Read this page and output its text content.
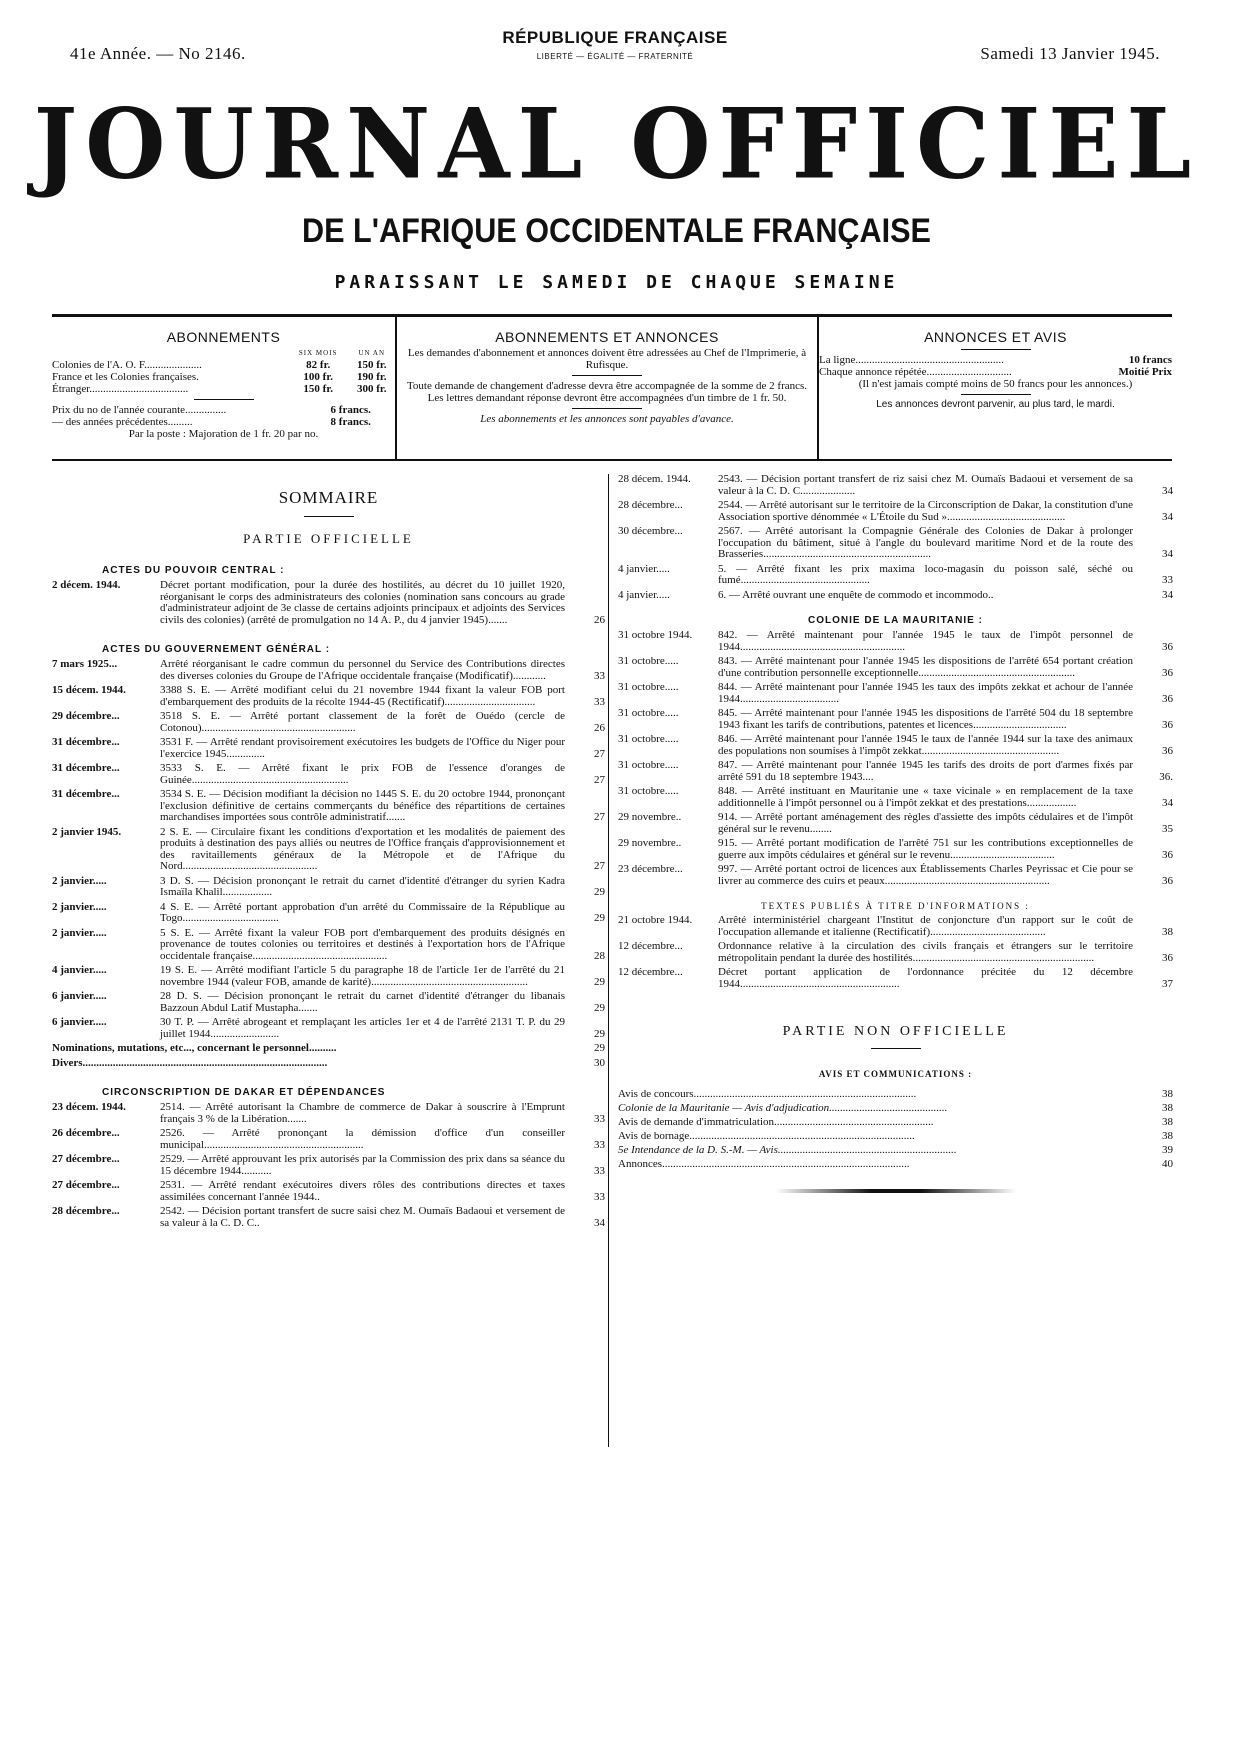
41e Année. — No 2146.
RÉPUBLIQUE FRANÇAISE
LIBERTÉ — ÉGALITÉ — FRATERNITÉ	Samedi 13 Janvier 1945.
JOURNAL OFFICIEL
DE L'AFRIQUE OCCIDENTALE FRANÇAISE
PARAISSANT LE SAMEDI DE CHAQUE SEMAINE
ABONNEMENTS
	SIX MOIS	UN AN
Colonies de l'A. O. F.....................	82 fr.	150 fr.
France et les Colonies françaises.	100 fr.	190 fr.
Étranger....................................	150 fr.	300 fr.
Prix du no de l'année courante...............	6 francs.
— des années précédentes.........	8 francs.
Par la poste : Majoration de 1 fr. 20 par no.
ABONNEMENTS ET ANNONCES
Les demandes d'abonnement et annonces doivent être adressées au Chef de l'Imprimerie, à Rufisque.
Toute demande de changement d'adresse devra être accompagnée de la somme de 2 francs. Les lettres demandant réponse devront être accompagnées d'un timbre de 1 fr. 50.
Les abonnements et les annonces sont payables d'avance.
ANNONCES ET AVIS
La ligne......................................................	10 francs
Chaque annonce répétée...............................	Moitié Prix
(Il n'est jamais compté moins de 50 francs pour les annonces.)
Les annonces devront parvenir, au plus tard, le mardi.
SOMMAIRE
PARTIE OFFICIELLE
ACTES DU POUVOIR CENTRAL :
2 décem. 1944.	Décret portant modification, pour la durée des hostilités, au décret du 10 juillet 1920, réorganisant le corps des administrateurs des colonies (nomination sans concours au grade d'administrateur adjoint de 3e classe de certains adjoints principaux et adjoints des Services civils des colonies) (arrêté de promulgation no 14 A. P., du 4 janvier 1945).......	26
ACTES DU GOUVERNEMENT GÉNÉRAL :
7 mars 1925...	Arrêté réorganisant le cadre commun du personnel du Service des Contributions directes des diverses colonies du Groupe de l'Afrique occidentale française (Modificatif)............	33
15 décem. 1944.	3388 S. E. — Arrêté modifiant celui du 21 novembre 1944 fixant la valeur FOB port d'embarquement des produits de la récolte 1944-45 (Rectificatif).................................	33
29 décembre...	3518 S. E. — Arrêté portant classement de la forêt de Ouédo (cercle de Cotonou)........................................................	26
31 décembre...	3531 F. — Arrêté rendant provisoirement exécutoires les budgets de l'Office du Niger pour l'exercice 1945..............	27
31 décembre...	3533 S. E. — Arrêté fixant le prix FOB de l'essence d'oranges de Guinée.........................................................	27
31 décembre...	3534 S. E. — Décision modifiant la décision no 1445 S. E. du 20 octobre 1944, prononçant l'exclusion définitive de certains commerçants du bénéfice des répartitions de certaines marchandises importées sous contrôle administratif.......	27
2 janvier 1945.	2 S. E. — Circulaire fixant les conditions d'exportation et les modalités de paiement des produits à destination des pays alliés ou neutres de l'Office français d'approvisionnement et des ravitaillements généraux de la Métropole et de l'Afrique du Nord.................................................	27
2 janvier.....	3 D. S. — Décision prononçant le retrait du carnet d'identité d'étranger du syrien Kadra Ismaïla Khalil..................	29
2 janvier.....	4 S. E. — Arrêté portant approbation d'un arrêté du Commissaire de la République au Togo...................................	29
2 janvier.....	5 S. E. — Arrêté fixant la valeur FOB port d'embarquement des produits désignés en provenance de toutes colonies ou territoires et destinés à l'exportation hors de l'Afrique occidentale française.................................................	28
4 janvier.....	19 S. E. — Arrêté modifiant l'article 5 du paragraphe 18 de l'article 1er de l'arrêté du 21 novembre 1944 (valeur FOB, amande de karité).........................................................	29
6 janvier.....	28 D. S. — Décision prononçant le retrait du carnet d'identité d'étranger du libanais Bazzoun Abdul Latif Mustapha.......	29
6 janvier.....	30 T. P. — Arrêté abrogeant et remplaçant les articles 1er et 4 de l'arrêté 2131 T. P. du 29 juillet 1944.........................	29
Nominations, mutations, etc..., concernant le personnel..........	29
Divers.........................................................................................	30
CIRCONSCRIPTION DE DAKAR ET DÉPENDANCES
23 décem. 1944.	2514. — Arrêté autorisant la Chambre de commerce de Dakar à souscrire à l'Emprunt français 3 % de la Libération.......	33
26 décembre...	2526. — Arrêté prononçant la démission d'office d'un conseiller municipal..........................................................	33
27 décembre...	2529. — Arrêté approuvant les prix autorisés par la Commission des prix dans sa séance du 15 décembre 1944...........	33
27 décembre...	2531. — Arrêté rendant exécutoires divers rôles des contributions directes et taxes assimilées concernant l'année 1944..	33
28 décembre...	2542. — Décision portant transfert de sucre saisi chez M. Oumaïs Badaoui et versement de sa valeur à la C. D. C..	34
28 décem. 1944.	2543. — Décision portant transfert de riz saisi chez M. Oumaïs Badaoui et versement de sa valeur à la C. D. C....................	34
28 décembre...	2544. — Arrêté autorisant sur le territoire de la Circonscription de Dakar, la constitution d'une Association sportive dénommée « L'Étoile du Sud »...........................................	34
30 décembre...	2567. — Arrêté autorisant la Compagnie Générale des Colonies de Dakar à prolonger l'occupation du bâtiment, situé à l'angle du boulevard maritime Nord et de la route des Brasseries.............................................................	34
4 janvier.....	5. — Arrêté fixant les prix maxima loco-magasin du poisson salé, séché ou fumé...............................................	33
4 janvier.....	6. — Arrêté ouvrant une enquête de commodo et incommodo..	34
COLONIE DE LA MAURITANIE :
31 octobre 1944.	842. — Arrêté maintenant pour l'année 1945 le taux de l'impôt personnel de 1944............................................................	36
31 octobre.....	843. — Arrêté maintenant pour l'année 1945 les dispositions de l'arrêté 654 portant création d'une contribution personnelle exceptionnelle.........................................................	36
31 octobre.....	844. — Arrêté maintenant pour l'année 1945 les taux des impôts zekkat et achour de l'année 1944....................................	36
31 octobre.....	845. — Arrêté maintenant pour l'année 1945 les dispositions de l'arrêté 504 du 18 septembre 1943 fixant les tarifs de contributions, patentes et licences..................................	36
31 octobre.....	846. — Arrêté maintenant pour l'année 1945 le taux de l'année 1944 sur la taxe des animaux des populations non soumises à l'impôt zekkat..................................................	36
31 octobre.....	847. — Arrêté maintenant pour l'année 1945 les tarifs des droits de port d'armes fixés par arrêté 591 du 18 septembre 1943....	36.
31 octobre.....	848. — Arrêté instituant en Mauritanie une « taxe vicinale » en remplacement de la taxe additionnelle à l'impôt personnel ou à l'impôt zekkat et des prestations..................	34
29 novembre..	914. — Arrêté portant aménagement des règles d'assiette des impôts cédulaires et de l'impôt général sur le revenu........	35
29 novembre..	915. — Arrêté portant modification de l'arrêté 751 sur les contributions exceptionnelles de guerre aux impôts cédulaires et général sur le revenu......................................	36
23 décembre...	997. — Arrêté portant octroi de licences aux Établissements Charles Peyrissac et Cie pour se livrer au commerce des cuirs et peaux............................................................	36
TEXTES PUBLIÉS À TITRE D'INFORMATIONS :
21 octobre 1944.	Arrêté interministériel chargeant l'Institut de conjoncture d'un rapport sur le coût de l'occupation allemande et italienne (Rectificatif)..........................................	38
12 décembre...	Ordonnance relative à la circulation des civils français et étrangers sur le territoire métropolitain pendant la durée des hostilités..................................................................	36
12 décembre...	Décret portant application de l'ordonnance précitée du 12 décembre 1944..........................................................	37
PARTIE NON OFFICIELLE
AVIS ET COMMUNICATIONS :
Avis de concours.................................................................................	38
Colonie de la Mauritanie — Avis d'adjudication...........................................	38
Avis de demande d'immatriculation..........................................................	38
Avis de bornage..................................................................................	38
5e Intendance de la D. S.-M. — Avis.................................................................	39
Annonces..........................................................................................	40
